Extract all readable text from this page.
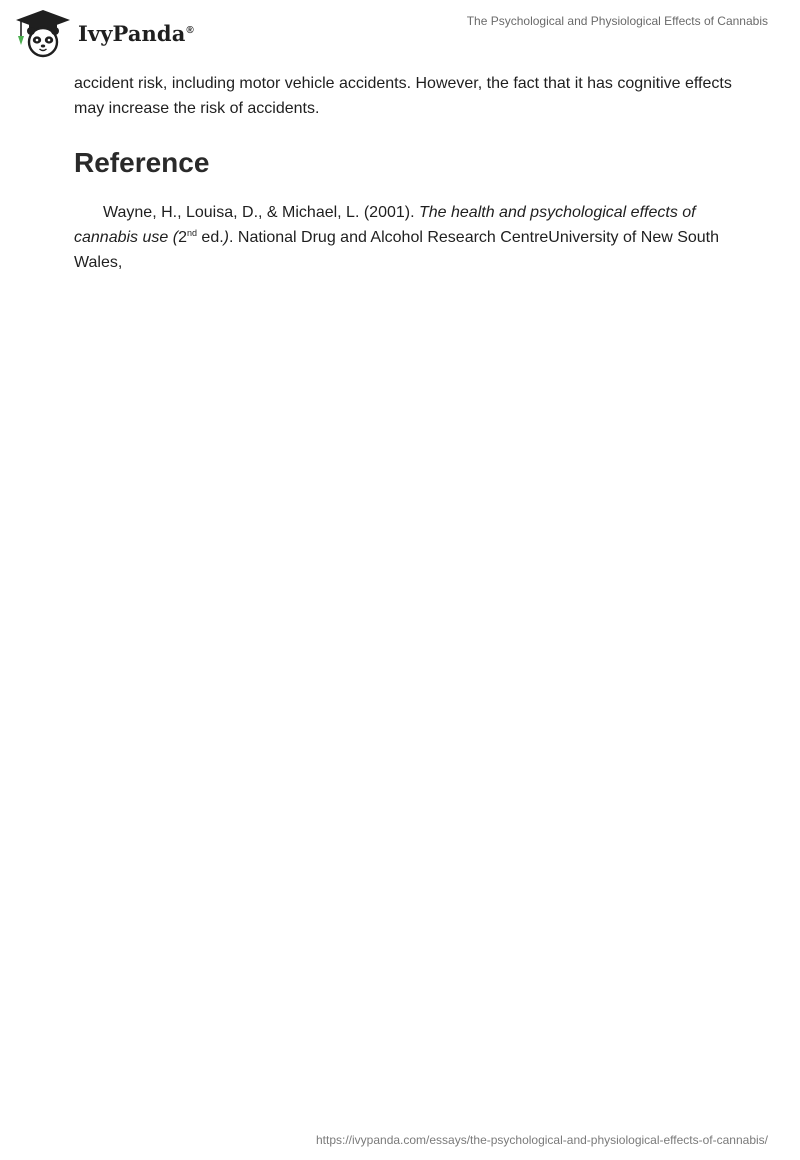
IvyPanda®
The Psychological and Physiological Effects of Cannabis

accident risk, including motor vehicle accidents. However, the fact that it has cognitive effects may increase the risk of accidents.

Reference

Wayne, H., Louisa, D., & Michael, L. (2001). The health and psychological effects of cannabis use (2nd ed.). National Drug and Alcohol Research CentreUniversity of New South Wales,

https://ivypanda.com/essays/the-psychological-and-physiological-effects-of-cannabis/
